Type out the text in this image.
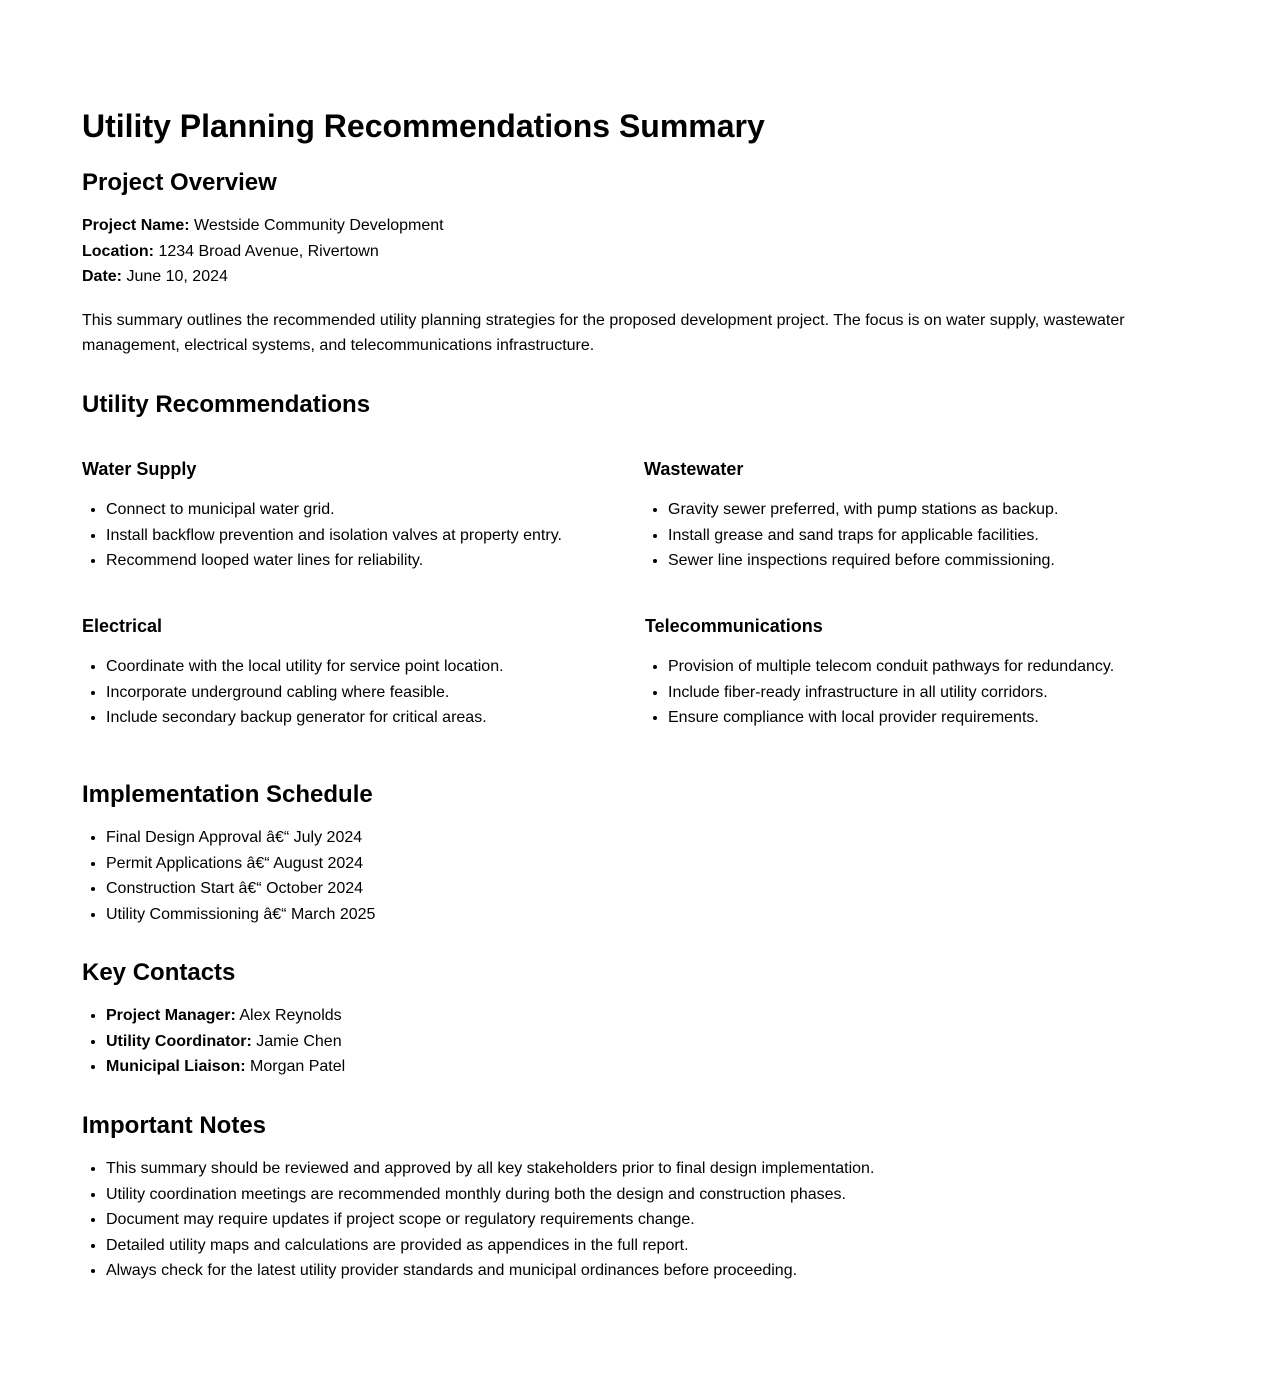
Utility Planning Recommendations Summary
Project Overview
Project Name: Westside Community Development
Location: 1234 Broad Avenue, Rivertown
Date: June 10, 2024

This summary outlines the recommended utility planning strategies for the proposed development project. The focus is on water supply, wastewater management, electrical systems, and telecommunications infrastructure.

Utility Recommendations
Water Supply
• Connect to municipal water grid.
• Install backflow prevention and isolation valves at property entry.
• Recommend looped water lines for reliability.
Wastewater
• Gravity sewer preferred, with pump stations as backup.
• Install grease and sand traps for applicable facilities.
• Sewer line inspections required before commissioning.
Electrical
• Coordinate with the local utility for service point location.
• Incorporate underground cabling where feasible.
• Include secondary backup generator for critical areas.
Telecommunications
• Provision of multiple telecom conduit pathways for redundancy.
• Include fiber-ready infrastructure in all utility corridors.
• Ensure compliance with local provider requirements.
Implementation Schedule
• Final Design Approval â€“ July 2024
• Permit Applications â€“ August 2024
• Construction Start â€“ October 2024
• Utility Commissioning â€“ March 2025
Key Contacts
• Project Manager: Alex Reynolds
• Utility Coordinator: Jamie Chen
• Municipal Liaison: Morgan Patel
Important Notes
• This summary should be reviewed and approved by all key stakeholders prior to final design implementation.
• Utility coordination meetings are recommended monthly during both the design and construction phases.
• Document may require updates if project scope or regulatory requirements change.
• Detailed utility maps and calculations are provided as appendices in the full report.
• Always check for the latest utility provider standards and municipal ordinances before proceeding.
